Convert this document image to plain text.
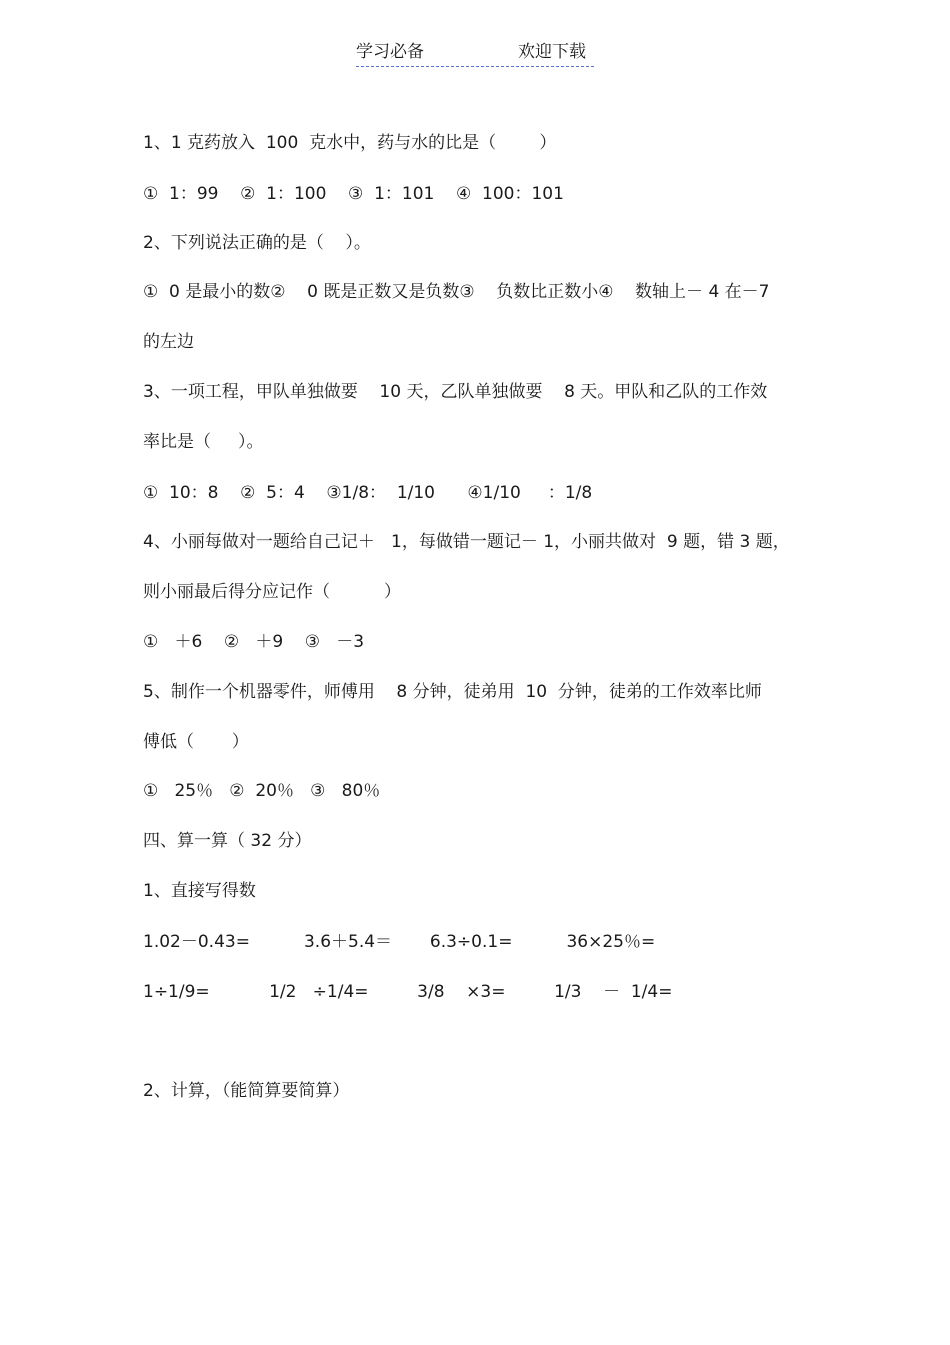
学习必备	欢迎下载
1、1 克药放入  100  克水中，药与水的比是（        ）
①  1：99    ②  1：100    ③  1：101    ④  100：101
2、下列说法正确的是（    ）。
①  0 是最小的数②    0 既是正数又是负数③    负数比正数小④    数轴上－ 4 在－7
的左边
3、一项工程，甲队单独做要    10 天，乙队单独做要    8 天。甲队和乙队的工作效
率比是（     ）。
①  10：8    ②  5：4    ③1/8：  1/10      ④1/10     ：1/8
4、小丽每做对一题给自己记＋   1，每做错一题记－ 1，小丽共做对  9 题，错 3 题，
则小丽最后得分应记作（          ）
①   ＋6    ②   ＋9    ③   －3
5、制作一个机器零件，师傅用    8 分钟，徒弟用  10  分钟，徒弟的工作效率比师
傅低（       ）
①   25％   ②  20％   ③   80％
四、算一算（ 32 分）
1、直接写得数
1.02－0.43=          3.6＋5.4＝       6.3÷0.1=          36×25％=
1÷1/9=           1/2   ÷1/4=         3/8    ×3=         1/3    －  1/4=
2、计算，（能简算要简算）
